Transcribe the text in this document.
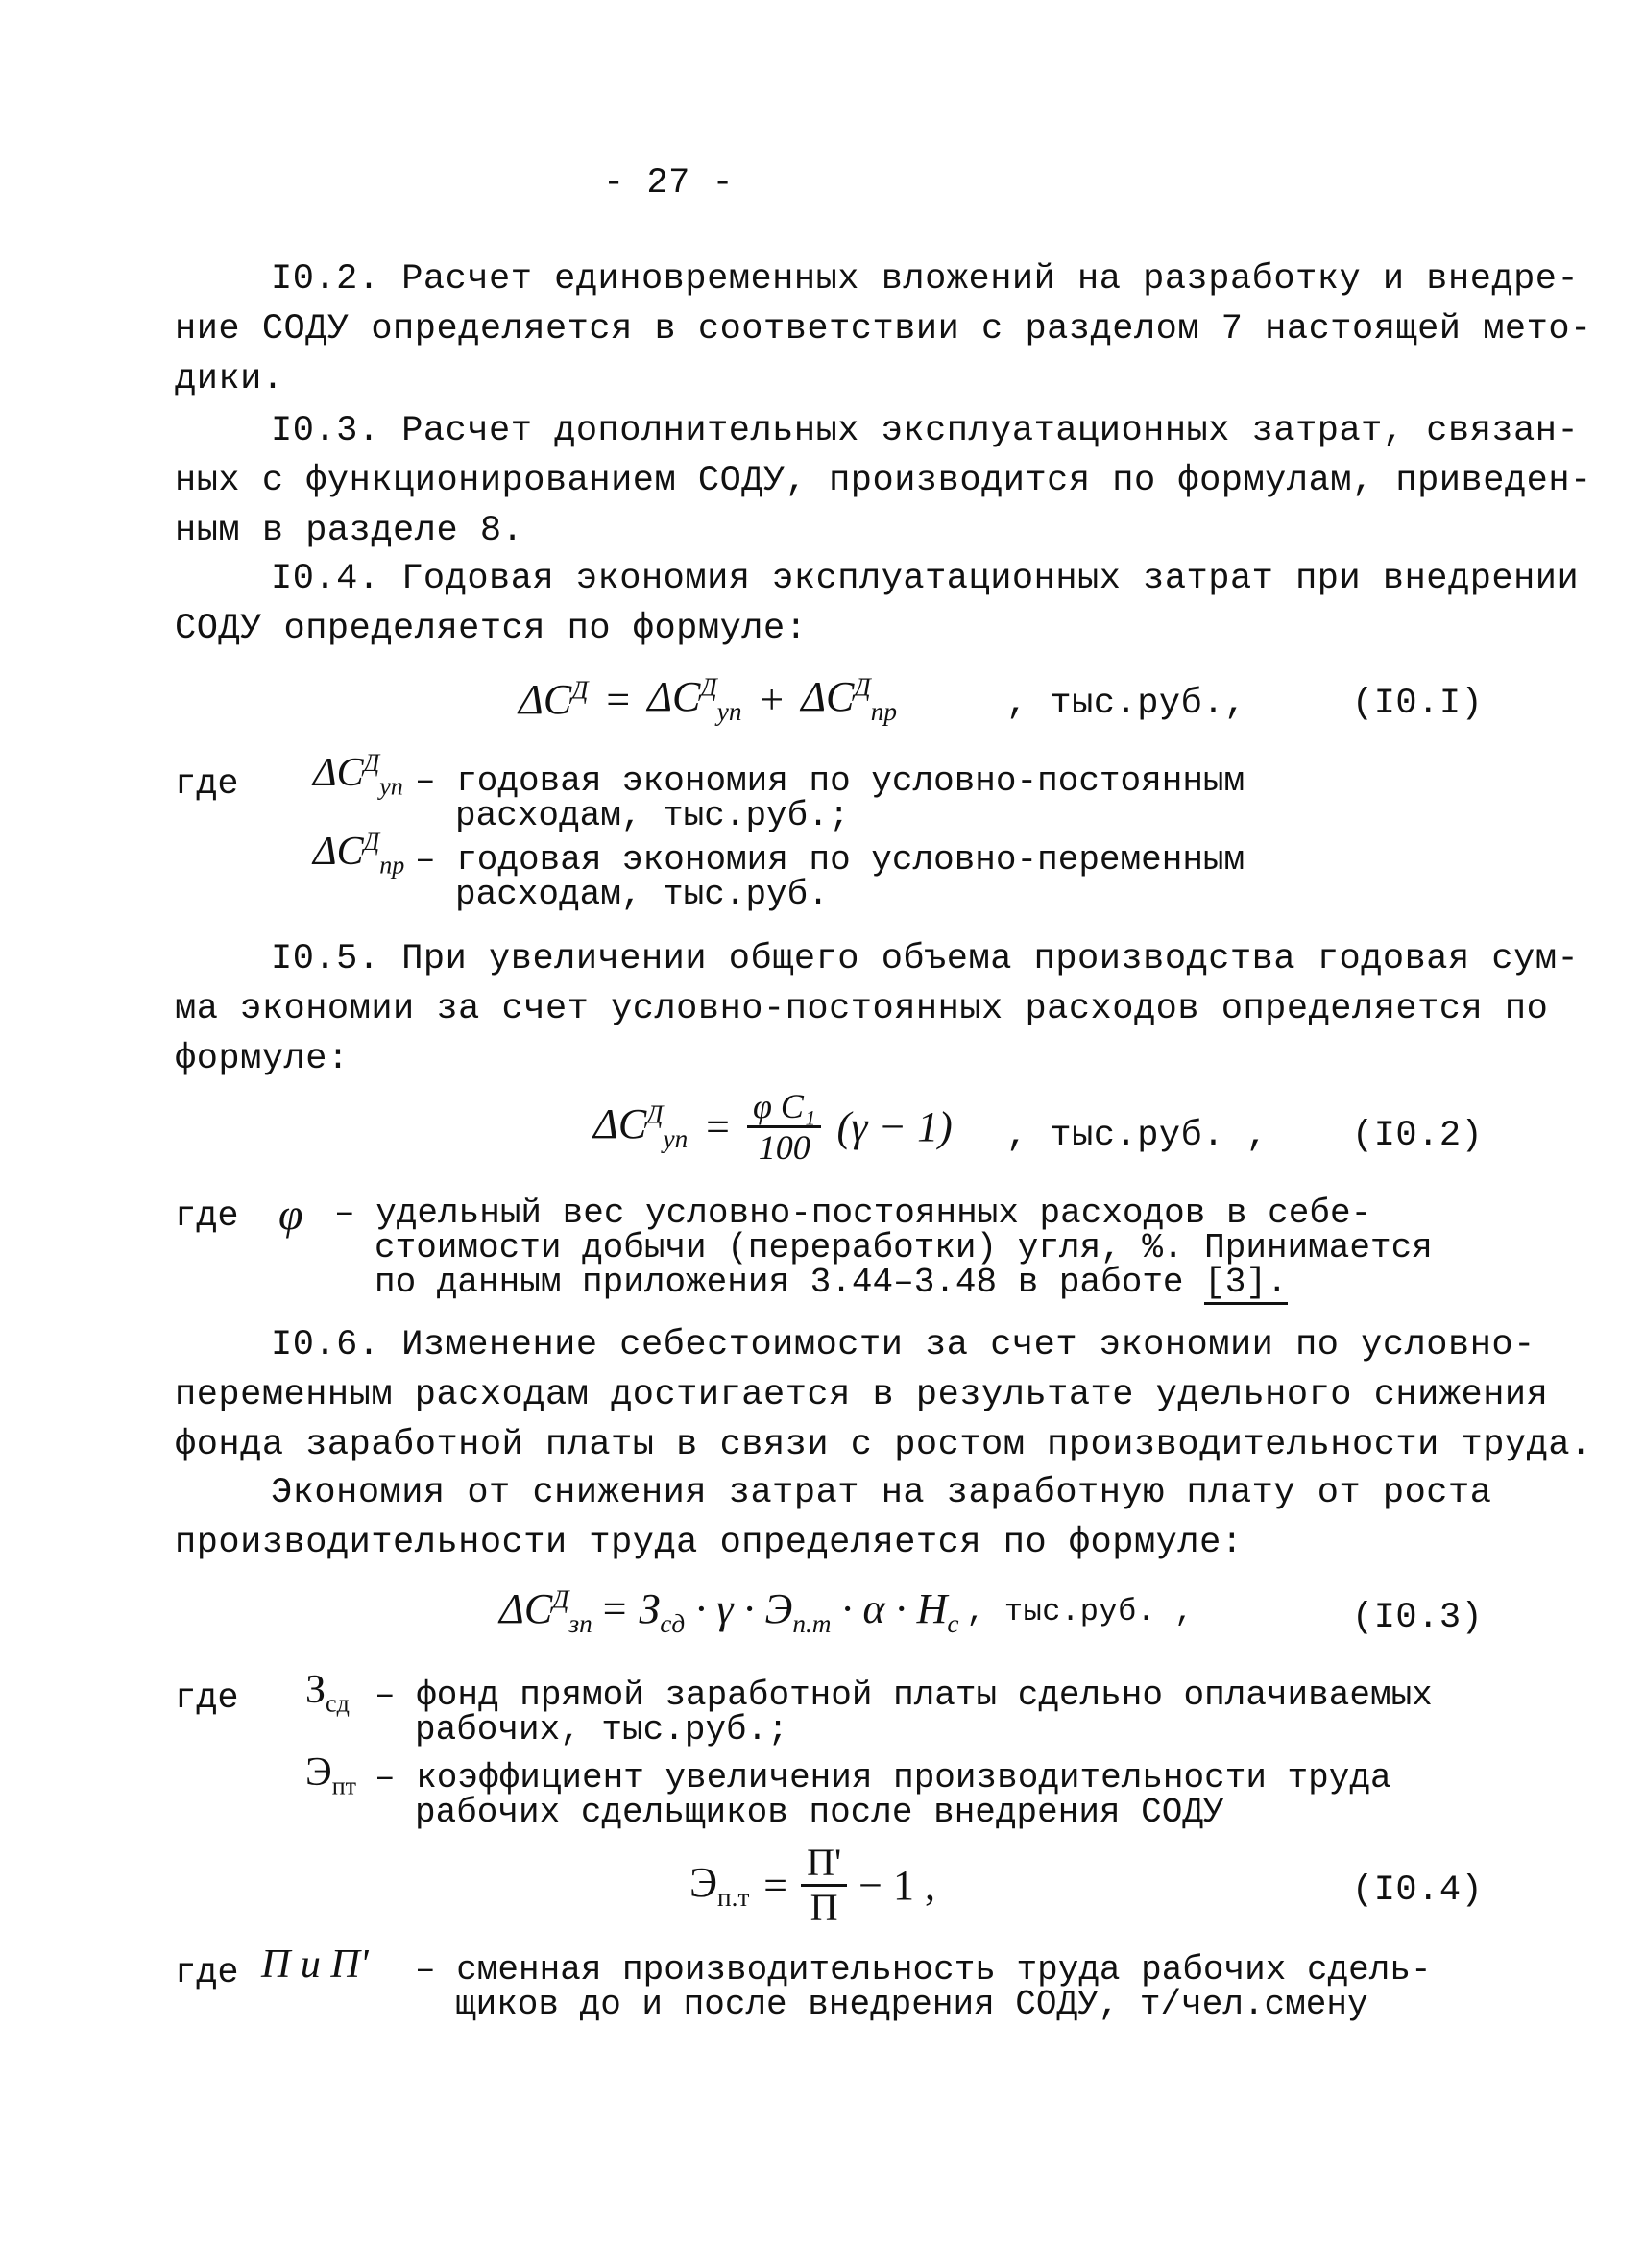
- 27 -
I0.2. Расчет единовременных вложений на разработку и внедре-
ние СОДУ определяется в соответствии с разделом 7 настоящей мето-
дики.
I0.3. Расчет дополнительных эксплуатационных затрат, связан-
ных с функционированием СОДУ, производится по формулам, приведен-
ным в разделе 8.
I0.4. Годовая экономия эксплуатационных затрат при внедрении
СОДУ определяется по формуле:
$\Delta C^Д = \Delta C^Д_{уп} + \Delta C^Д_{пр}$	, тыс.руб.,	(I0.I)
где $\Delta C^Д_{уп}$ – годовая экономия по условно-постоянным
расходам, тыс.руб.;
$\Delta C^Д_{пр}$ – годовая экономия по условно-переменным
расходам, тыс.руб.
I0.5. При увеличении общего объема производства годовая сум-
ма экономии за счет условно-постоянных расходов определяется по
формуле:
$\Delta C^Д_{уп} = \frac{\text{φ C₁}}{100} (\gamma - 1)$ , тыс.руб. , (I0.2)
где φ – удельный вес условно-постоянных расходов в себе-
стоимости добычи (переработки) угля, %. Принимается
по данным приложения 3.44–3.48 в работе [3].
I0.6. Изменение себестоимости за счет экономии по условно-
переменным расходам достигается в результате удельного снижения
фонда заработной платы в связи с ростом производительности труда.
Экономия от снижения затрат на заработную плату от роста
производительности труда определяется по формуле:
$\Delta C^Д_{зп} = З_{сд} \cdot \gamma \cdot Э_{п.т} \cdot \alpha \cdot Н_с$ , тыс.руб. ,	(I0.3)
где $З_{сд}$ – фонд прямой заработной платы сдельно оплачиваемых
рабочих, тыс.руб.;
$Э_{пт}$ – коэффициент увеличения производительности труда
рабочих сдельщиков после внедрения СОДУ
$Э_{п.т} = \frac{П'}{П} - 1$ ,	(I0.4)
где П и П' – сменная производительность труда рабочих сдель-
щиков до и после внедрения СОДУ, т/чел.смену
